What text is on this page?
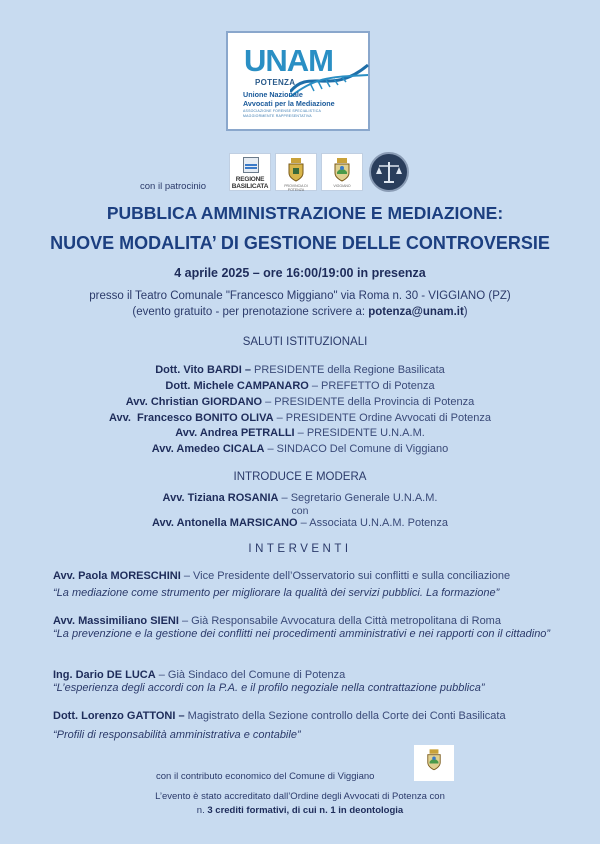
UNAM
POTENZA
Unione Nazionale
Avvocati per la Mediazione
ASSOCIAZIONE FORENSE SPECIALISTICA
MAGGIORMENTE RAPPRESENTATIVA
con il patrocinio
REGIONE
BASILICATA	PROVINCIA DI POTENZA
VIGGIANO
PUBBLICA AMMINISTRAZIONE E MEDIAZIONE:
NUOVE MODALITA’ DI GESTIONE DELLE CONTROVERSIE
4 aprile 2025 – ore 16:00/19:00 in presenza
presso il Teatro Comunale "Francesco Miggiano" via Roma n. 30 - VIGGIANO (PZ)
(evento gratuito - per prenotazione scrivere a: potenza@unam.it)
SALUTI ISTITUZIONALI
Dott. Vito BARDI – PRESIDENTE della Regione Basilicata
Dott. Michele CAMPANARO – PREFETTO di Potenza
Avv. Christian GIORDANO – PRESIDENTE della Provincia di Potenza
Avv.  Francesco BONITO OLIVA – PRESIDENTE Ordine Avvocati di Potenza
Avv. Andrea PETRALLI – PRESIDENTE U.N.A.M.
Avv. Amedeo CICALA – SINDACO Del Comune di Viggiano
INTRODUCE E MODERA
Avv. Tiziana ROSANIA – Segretario Generale U.N.A.M.
con
Avv. Antonella MARSICANO – Associata U.N.A.M. Potenza
INTERVENTI
Avv. Paola MORESCHINI – Vice Presidente dell’Osservatorio sui conflitti e sulla conciliazione
“La mediazione come strumento per migliorare la qualità dei servizi pubblici. La formazione”
Avv. Massimiliano SIENI – Già Responsabile Avvocatura della Città metropolitana di Roma
“La prevenzione e la gestione dei conflitti nei procedimenti amministrativi e nei rapporti con il cittadino”
Ing. Dario DE LUCA – Già Sindaco del Comune di Potenza
“L’esperienza degli accordi con la P.A. e il profilo negoziale nella contrattazione pubblica”
Dott. Lorenzo GATTONI – Magistrato della Sezione controllo della Corte dei Conti Basilicata
“Profili di responsabilità amministrativa e contabile”
con il contributo economico del Comune di Viggiano
L’evento è stato accreditato dall’Ordine degli Avvocati di Potenza con
n. 3 crediti formativi, di cui n. 1 in deontologia
